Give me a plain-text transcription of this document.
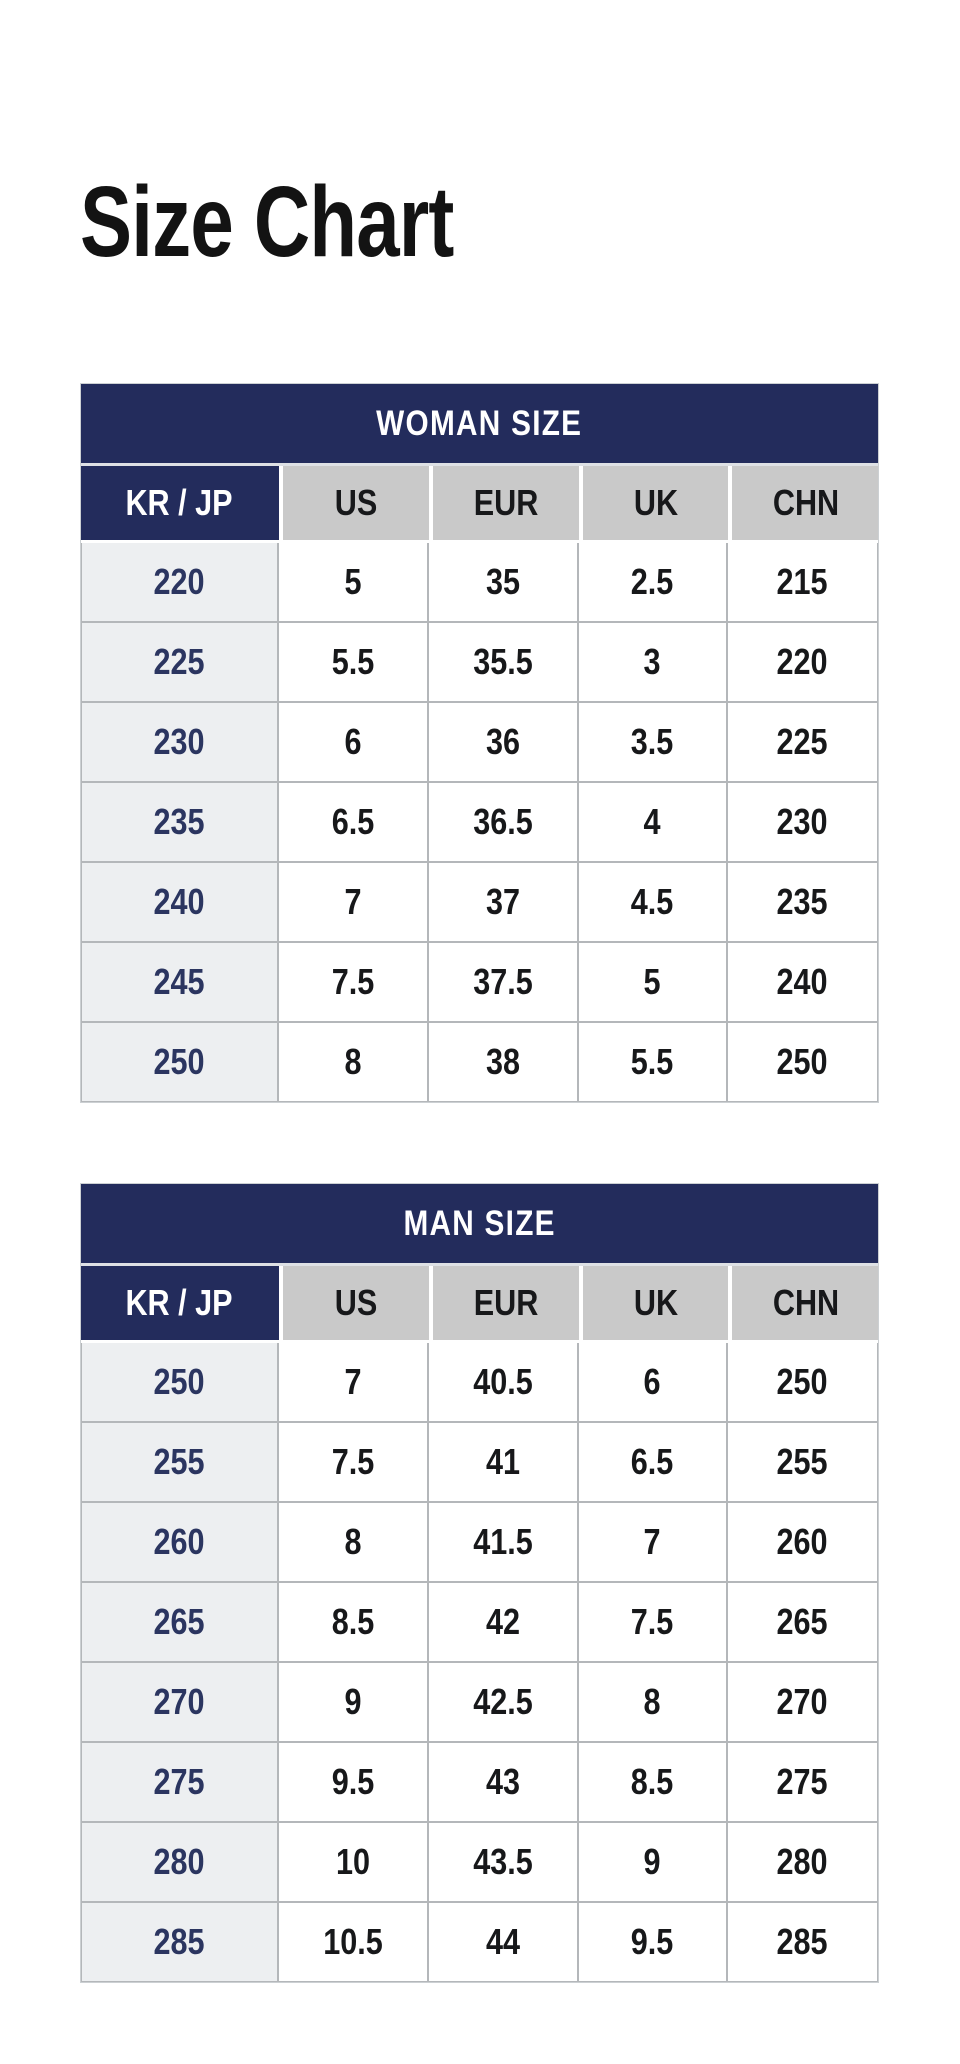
Size Chart
WOMAN SIZE
KR / JP	US	EUR	UK	CHN
220	5	35	2.5	215
225	5.5	35.5	3	220
230	6	36	3.5	225
235	6.5	36.5	4	230
240	7	37	4.5	235
245	7.5	37.5	5	240
250	8	38	5.5	250
MAN SIZE
KR / JP	US	EUR	UK	CHN
250	7	40.5	6	250
255	7.5	41	6.5	255
260	8	41.5	7	260
265	8.5	42	7.5	265
270	9	42.5	8	270
275	9.5	43	8.5	275
280	10	43.5	9	280
285	10.5	44	9.5	285
